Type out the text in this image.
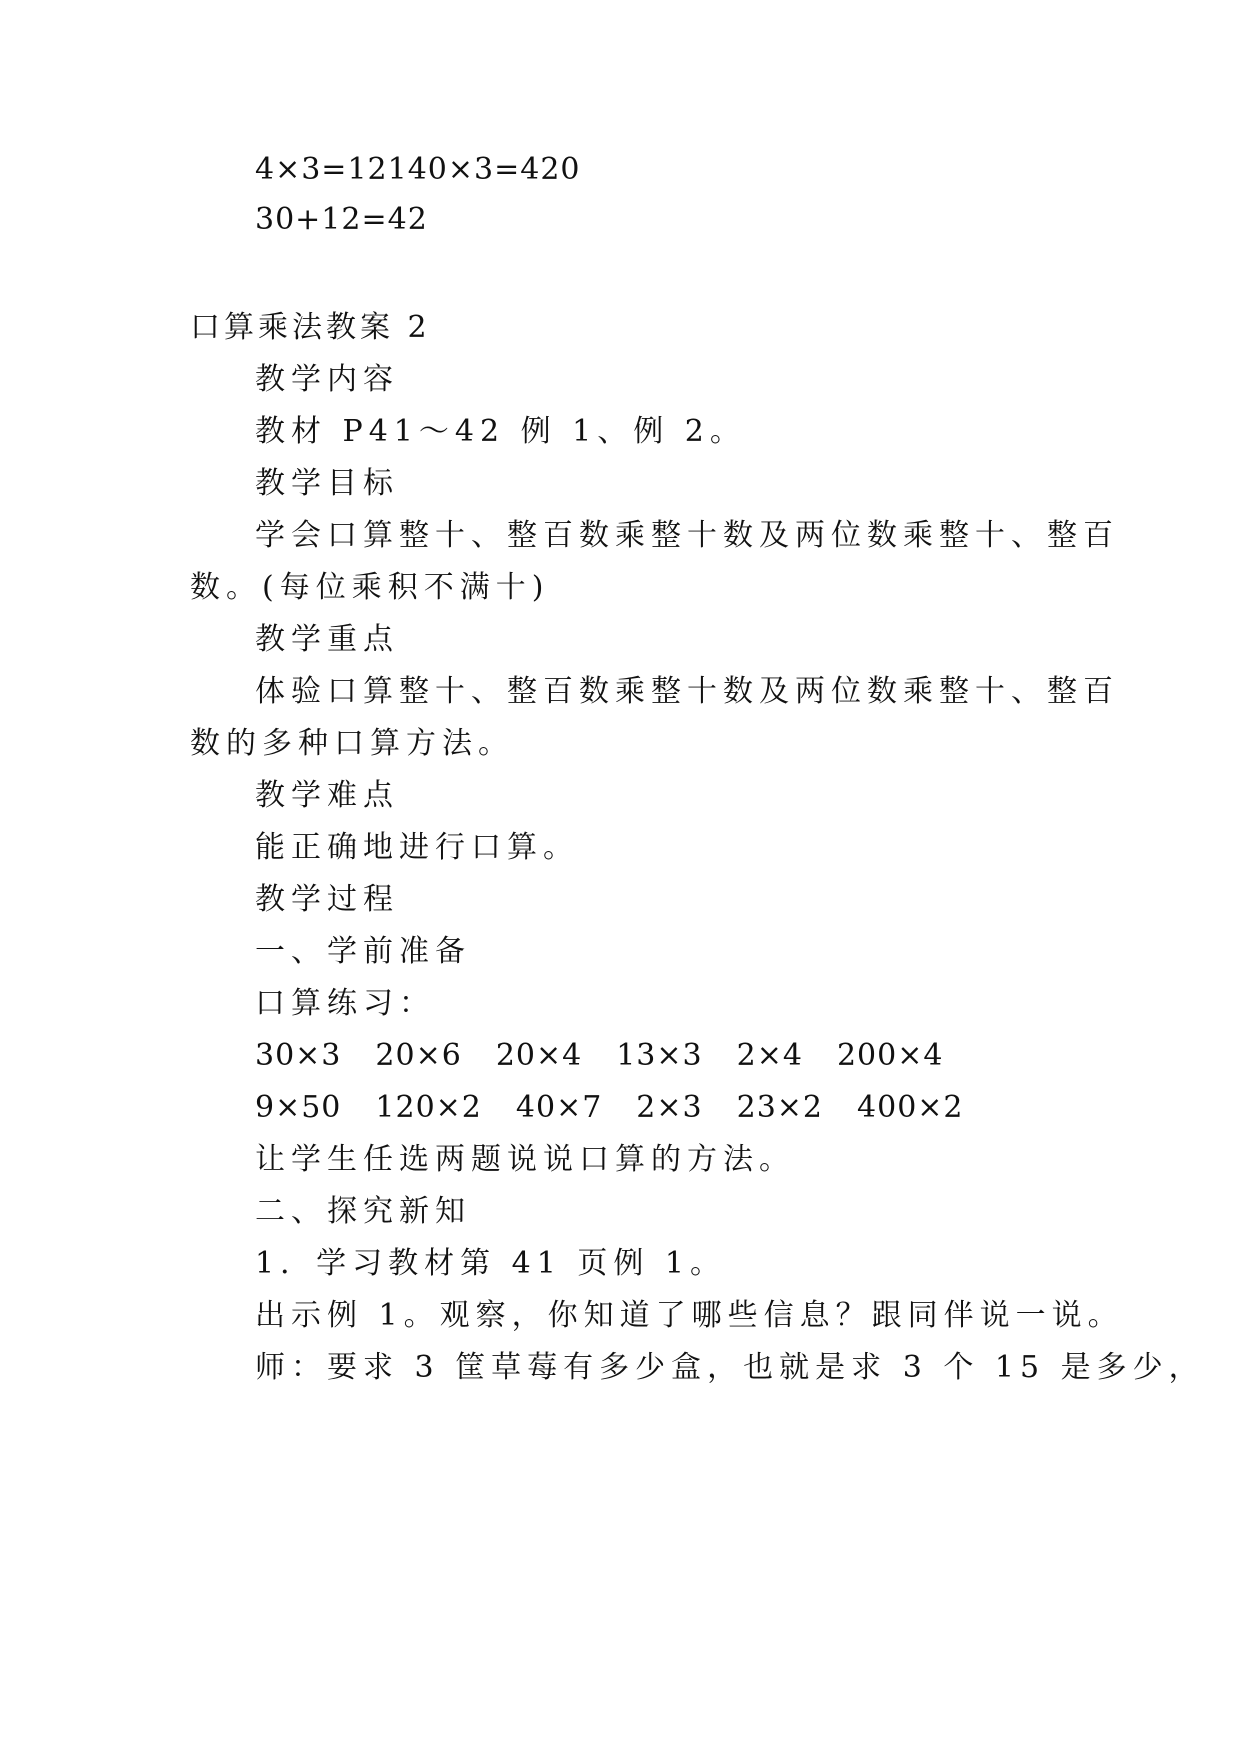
4×3=12140×3=420

30+12=42

口算乘法教案 2

教学内容

教材 P41～42 例 1、例 2。

教学目标

学会口算整十、整百数乘整十数及两位数乘整十、整百

数。(每位乘积不满十)

教学重点

体验口算整十、整百数乘整十数及两位数乘整十、整百

数的多种口算方法。

教学难点

能正确地进行口算。

教学过程

一、学前准备

口算练习：

30×3 20×6 20×4 13×3 2×4 200×4

9×50 120×2 40×7 2×3 23×2 400×2

让学生任选两题说说口算的方法。

二、探究新知

1．学习教材第 41 页例 1。

出示例 1。观察，你知道了哪些信息？跟同伴说一说。

师：要求 3 筐草莓有多少盒，也就是求 3 个 15 是多少，
